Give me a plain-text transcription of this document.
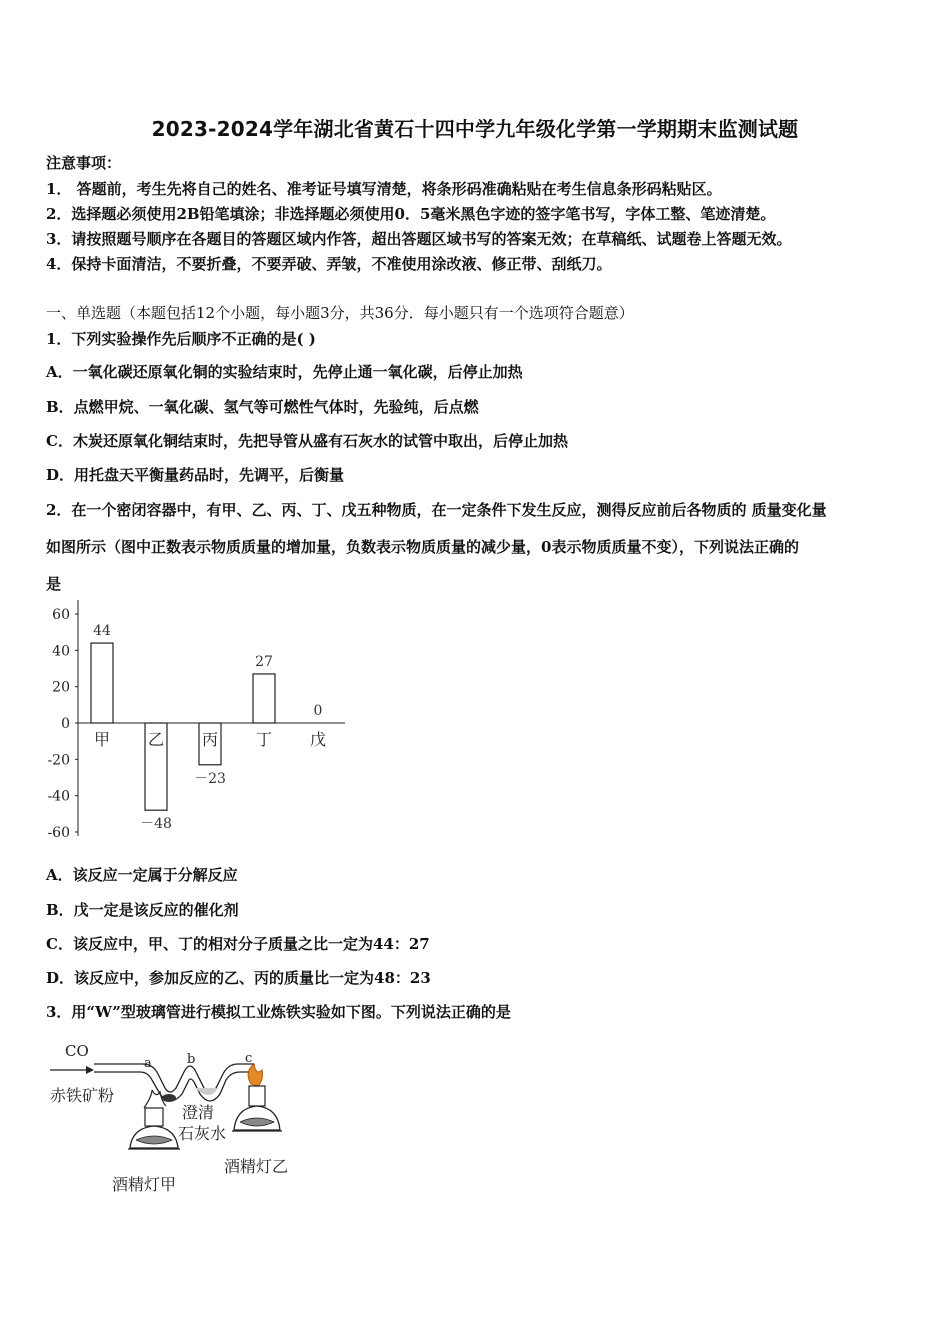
2023-2024学年湖北省黄石十四中学九年级化学第一学期期末监测试题
注意事项：
1． 答题前，考生先将自己的姓名、准考证号填写清楚，将条形码准确粘贴在考生信息条形码粘贴区。
2．选择题必须使用2B铅笔填涂；非选择题必须使用0．5毫米黑色字迹的签字笔书写，字体工整、笔迹清楚。
3．请按照题号顺序在各题目的答题区域内作答，超出答题区域书写的答案无效；在草稿纸、试题卷上答题无效。
4．保持卡面清洁，不要折叠，不要弄破、弄皱，不准使用涂改液、修正带、刮纸刀。
一、单选题（本题包括12个小题，每小题3分，共36分．每小题只有一个选项符合题意）
1．下列实验操作先后顺序不正确的是( )
A．一氧化碳还原氧化铜的实验结束时，先停止通一氧化碳，后停止加热
B．点燃甲烷、一氧化碳、氢气等可燃性气体时，先验纯，后点燃
C．木炭还原氧化铜结束时，先把导管从盛有石灰水的试管中取出，后停止加热
D．用托盘天平衡量药品时，先调平，后衡量
2．在一个密闭容器中，有甲、乙、丙、丁、戊五种物质，在一定条件下发生反应，测得反应前后各物质的 质量变化量
如图所示（图中正数表示物质质量的增加量，负数表示物质质量的减少量，0表示物质质量不变），下列说法正确的
是
60
40
20
0
-20
-40
-60
44
甲
－48
乙
－23
丙
27
丁
0
戊
A．该反应一定属于分解反应
B．戊一定是该反应的催化剂
C．该反应中，甲、丁的相对分子质量之比一定为44：27
D．该反应中，参加反应的乙、丙的质量比一定为48：23
3．用“W”型玻璃管进行模拟工业炼铁实验如下图。下列说法正确的是
CO
a	b	c
赤铁矿粉
澄清
石灰水
酒精灯甲
酒精灯乙
